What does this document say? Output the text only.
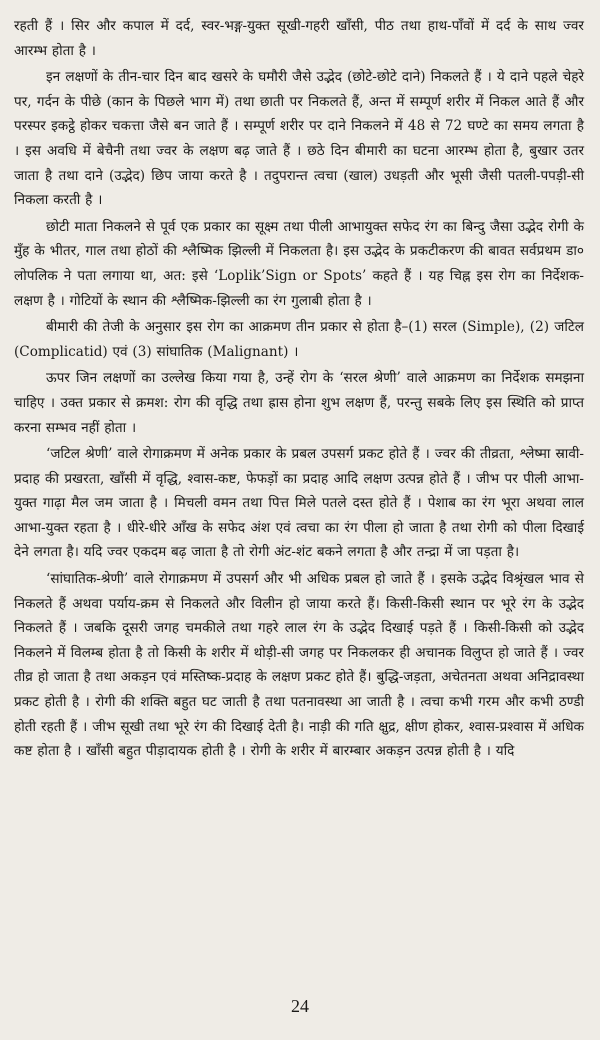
रहती हैं । सिर और कपाल में दर्द, स्वर-भङ्ग-युक्त सूखी-गहरी खाँसी, पीठ तथा हाथ-पाँवों में दर्द के साथ ज्वर आरम्भ होता है ।

इन लक्षणों के तीन-चार दिन बाद खसरे के घमौरी जैसे उद्भेद (छोटे-छोटे दाने) निकलते हैं । ये दाने पहले चेहरे पर, गर्दन के पीछे (कान के पिछले भाग में) तथा छाती पर निकलते हैं, अन्त में सम्पूर्ण शरीर में निकल आते हैं और परस्पर इकट्ठे होकर चकत्ता जैसे बन जाते हैं । सम्पूर्ण शरीर पर दाने निकलने में 48 से 72 घण्टे का समय लगता है । इस अवधि में बेचैनी तथा ज्वर के लक्षण बढ़ जाते हैं । छठे दिन बीमारी का घटना आरम्भ होता है, बुखार उतर जाता है तथा दाने (उद्भेद) छिप जाया करते है । तदुपरान्त त्वचा (खाल) उधड़ती और भूसी जैसी पतली-पपड़ी-सी निकला करती है ।

छोटी माता निकलने से पूर्व एक प्रकार का सूक्ष्म तथा पीली आभायुक्त सफेद रंग का बिन्दु जैसा उद्भेद रोगी के मुँह के भीतर, गाल तथा होठों की श्लैष्मिक झिल्ली में निकलता है। इस उद्भेद के प्रकटीकरण की बावत सर्वप्रथम डा० लोपलिक ने पता लगाया था, अत: इसे ‘Loplik’Sign or Spots’ कहते हैं । यह चिह्न इस रोग का निर्देशक-लक्षण है । गोटियों के स्थान की श्लैष्मिक-झिल्ली का रंग गुलाबी होता है ।

बीमारी की तेजी के अनुसार इस रोग का आक्रमण तीन प्रकार से होता है–(1) सरल (Simple), (2) जटिल (Complicatid) एवं (3) सांघातिक (Malignant) ।

ऊपर जिन लक्षणों का उल्लेख किया गया है, उन्हें रोग के ‘सरल श्रेणी’ वाले आक्रमण का निर्देशक समझना चाहिए । उक्त प्रकार से क्रमश: रोग की वृद्धि तथा ह्रास होना शुभ लक्षण हैं, परन्तु सबके लिए इस स्थिति को प्राप्त करना सम्भव नहीं होता ।

‘जटिल श्रेणी’ वाले रोगाक्रमण में अनेक प्रकार के प्रबल उपसर्ग प्रकट होते हैं । ज्वर की तीव्रता, श्लेष्मा स्रावी-प्रदाह की प्रखरता, खाँसी में वृद्धि, श्वास-कष्ट, फेफड़ों का प्रदाह आदि लक्षण उत्पन्न होते हैं । जीभ पर पीली आभा-युक्त गाढ़ा मैल जम जाता है । मिचली वमन तथा पित्त मिले पतले दस्त होते हैं । पेशाब का रंग भूरा अथवा लाल आभा-युक्त रहता है । धीरे-धीरे आँख के सफेद अंश एवं त्वचा का रंग पीला हो जाता है तथा रोगी को पीला दिखाई देने लगता है। यदि ज्वर एकदम बढ़ जाता है तो रोगी अंट-शंट बकने लगता है और तन्द्रा में जा पड़ता है।

‘सांघातिक-श्रेणी’ वाले रोगाक्रमण में उपसर्ग और भी अधिक प्रबल हो जाते हैं । इसके उद्भेद विश्रृंखल भाव से निकलते हैं अथवा पर्याय-क्रम से निकलते और विलीन हो जाया करते हैं। किसी-किसी स्थान पर भूरे रंग के उद्भेद निकलते हैं । जबकि दूसरी जगह चमकीले तथा गहरे लाल रंग के उद्भेद दिखाई पड़ते हैं । किसी-किसी को उद्भेद निकलने में विलम्ब होता है तो किसी के शरीर में थोड़ी-सी जगह पर निकलकर ही अचानक विलुप्त हो जाते हैं । ज्वर तीव्र हो जाता है तथा अकड़न एवं मस्तिष्क-प्रदाह के लक्षण प्रकट होते हैं। बुद्धि-जड़ता, अचेतनता अथवा अनिद्रावस्था प्रकट होती है । रोगी की शक्ति बहुत घट जाती है तथा पतनावस्था आ जाती है । त्वचा कभी गरम और कभी ठण्डी होती रहती हैं । जीभ सूखी तथा भूरे रंग की दिखाई देती है। नाड़ी की गति क्षुद्र, क्षीण होकर, श्वास-प्रश्वास में अधिक कष्ट होता है । खाँसी बहुत पीड़ादायक होती है । रोगी के शरीर में बारम्बार अकड़न उत्पन्न होती है । यदि

24
